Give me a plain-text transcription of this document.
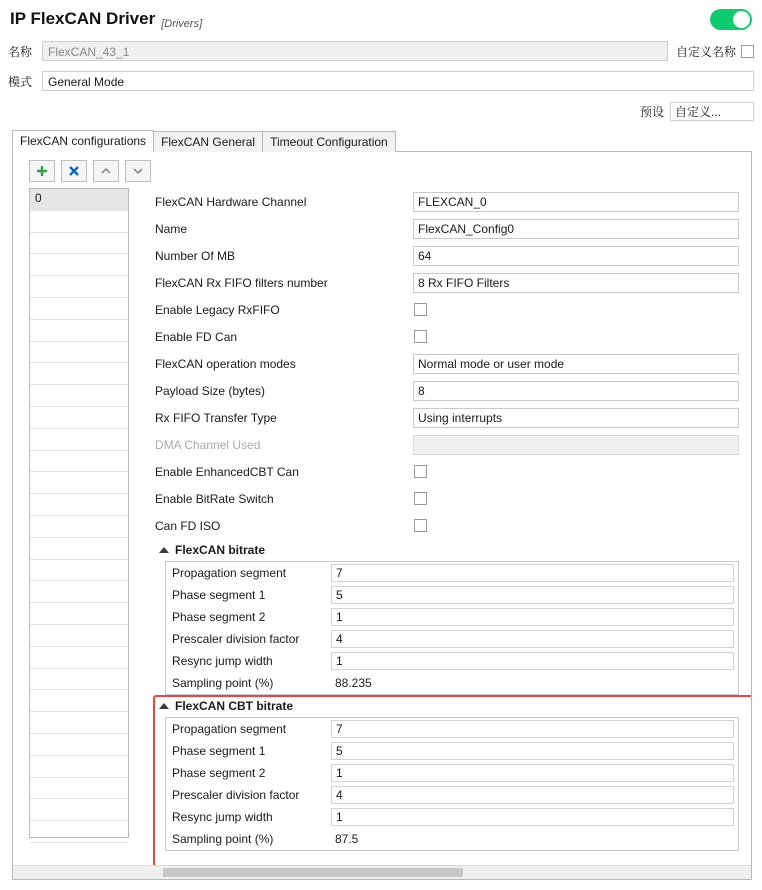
IP FlexCAN Driver [Drivers]
名称	FlexCAN_43_1	自定义名称
模式	General Mode
预设 自定义...
FlexCAN configurations	FlexCAN General	Timeout Configuration
0	FlexCAN Hardware Channel	FLEXCAN_0
Name	FlexCAN_Config0
Number Of MB	64
FlexCAN Rx FIFO filters number	8 Rx FIFO Filters
Enable Legacy RxFIFO
Enable FD Can
FlexCAN operation modes	Normal mode or user mode
Payload Size (bytes)	8
Rx FIFO Transfer Type	Using interrupts
DMA Channel Used
Enable EnhancedCBT Can
Enable BitRate Switch
Can FD ISO
FlexCAN bitrate
Propagation segment	7
Phase segment 1	5
Phase segment 2	1
Prescaler division factor	4
Resync jump width	1
Sampling point (%)	88.235
FlexCAN CBT bitrate
Propagation segment	7
Phase segment 1	5
Phase segment 2	1
Prescaler division factor	4
Resync jump width	1
Sampling point (%)	87.5
